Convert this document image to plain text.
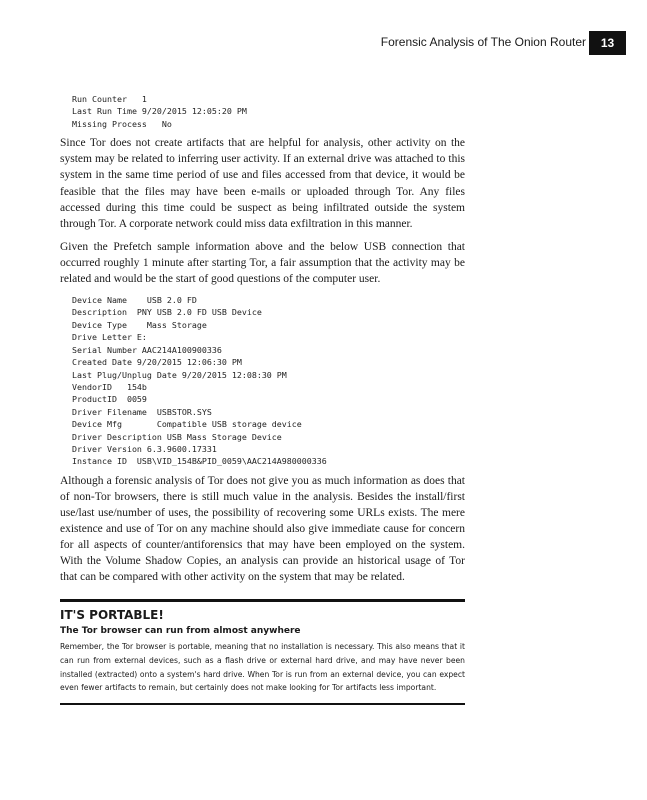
Forensic Analysis of The Onion Router	13
Run Counter   1
Last Run Time 9/20/2015 12:05:20 PM
Missing Process   No

Since Tor does not create artifacts that are helpful for analysis, other activity on the system may be related to inferring user activity. If an external drive was attached to this system in the same time period of use and files accessed from that device, it would be feasible that the files may have been e-mails or uploaded through Tor. Any files accessed during this time could be suspect as being infiltrated outside the system through Tor. A corporate network could miss data exfiltration in this manner.

Given the Prefetch sample information above and the below USB connection that occurred roughly 1 minute after starting Tor, a fair assumption that the activity may be related and would be the start of good questions of the computer user.

Device Name    USB 2.0 FD
Description  PNY USB 2.0 FD USB Device
Device Type    Mass Storage
Drive Letter E:
Serial Number AAC214A100900336
Created Date 9/20/2015 12:06:30 PM
Last Plug/Unplug Date 9/20/2015 12:08:30 PM
VendorID   154b
ProductID  0059
Driver Filename  USBSTOR.SYS
Device Mfg       Compatible USB storage device
Driver Description USB Mass Storage Device
Driver Version 6.3.9600.17331
Instance ID  USB\VID_154B&PID_0059\AAC214A980000336

Although a forensic analysis of Tor does not give you as much information as does that of non-Tor browsers, there is still much value in the analysis. Besides the install/first use/last use/number of uses, the possibility of recovering some URLs exists. The mere existence and use of Tor on any machine should also give immediate cause for concern for all aspects of counter/antiforensics that may have been employed on the system. With the Volume Shadow Copies, an analysis can provide an historical usage of Tor that can be compared with other activity on the system that may be related.

IT'S PORTABLE!
The Tor browser can run from almost anywhere
Remember, the Tor browser is portable, meaning that no installation is necessary. This also means that it can run from external devices, such as a flash drive or external hard drive, and may have never been installed (extracted) onto a system's hard drive. When Tor is run from an external device, you can expect even fewer artifacts to remain, but certainly does not make looking for Tor artifacts less important.
